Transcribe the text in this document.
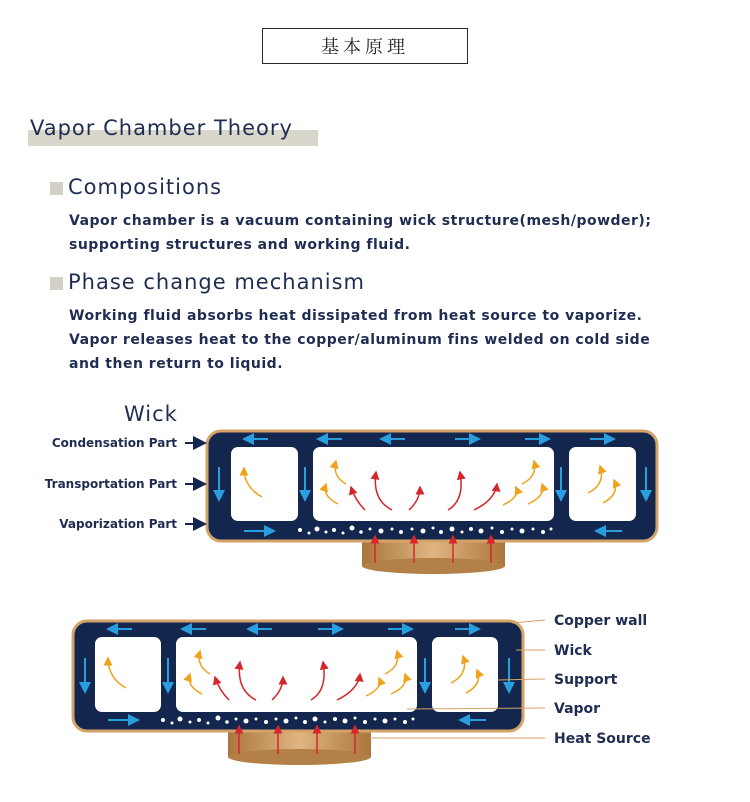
基本原理
Vapor Chamber Theory
Compositions
Vapor chamber is a vacuum containing wick structure(mesh/powder);
supporting structures and working fluid.
Phase change mechanism
Working fluid absorbs heat dissipated from heat source to vaporize.
Vapor releases heat to the copper/aluminum fins welded on cold side
and then return to liquid.
Wick
Condensation Part
Transportation Part
Vaporization Part
Copper wall
Wick
Support
Vapor
Heat Source
